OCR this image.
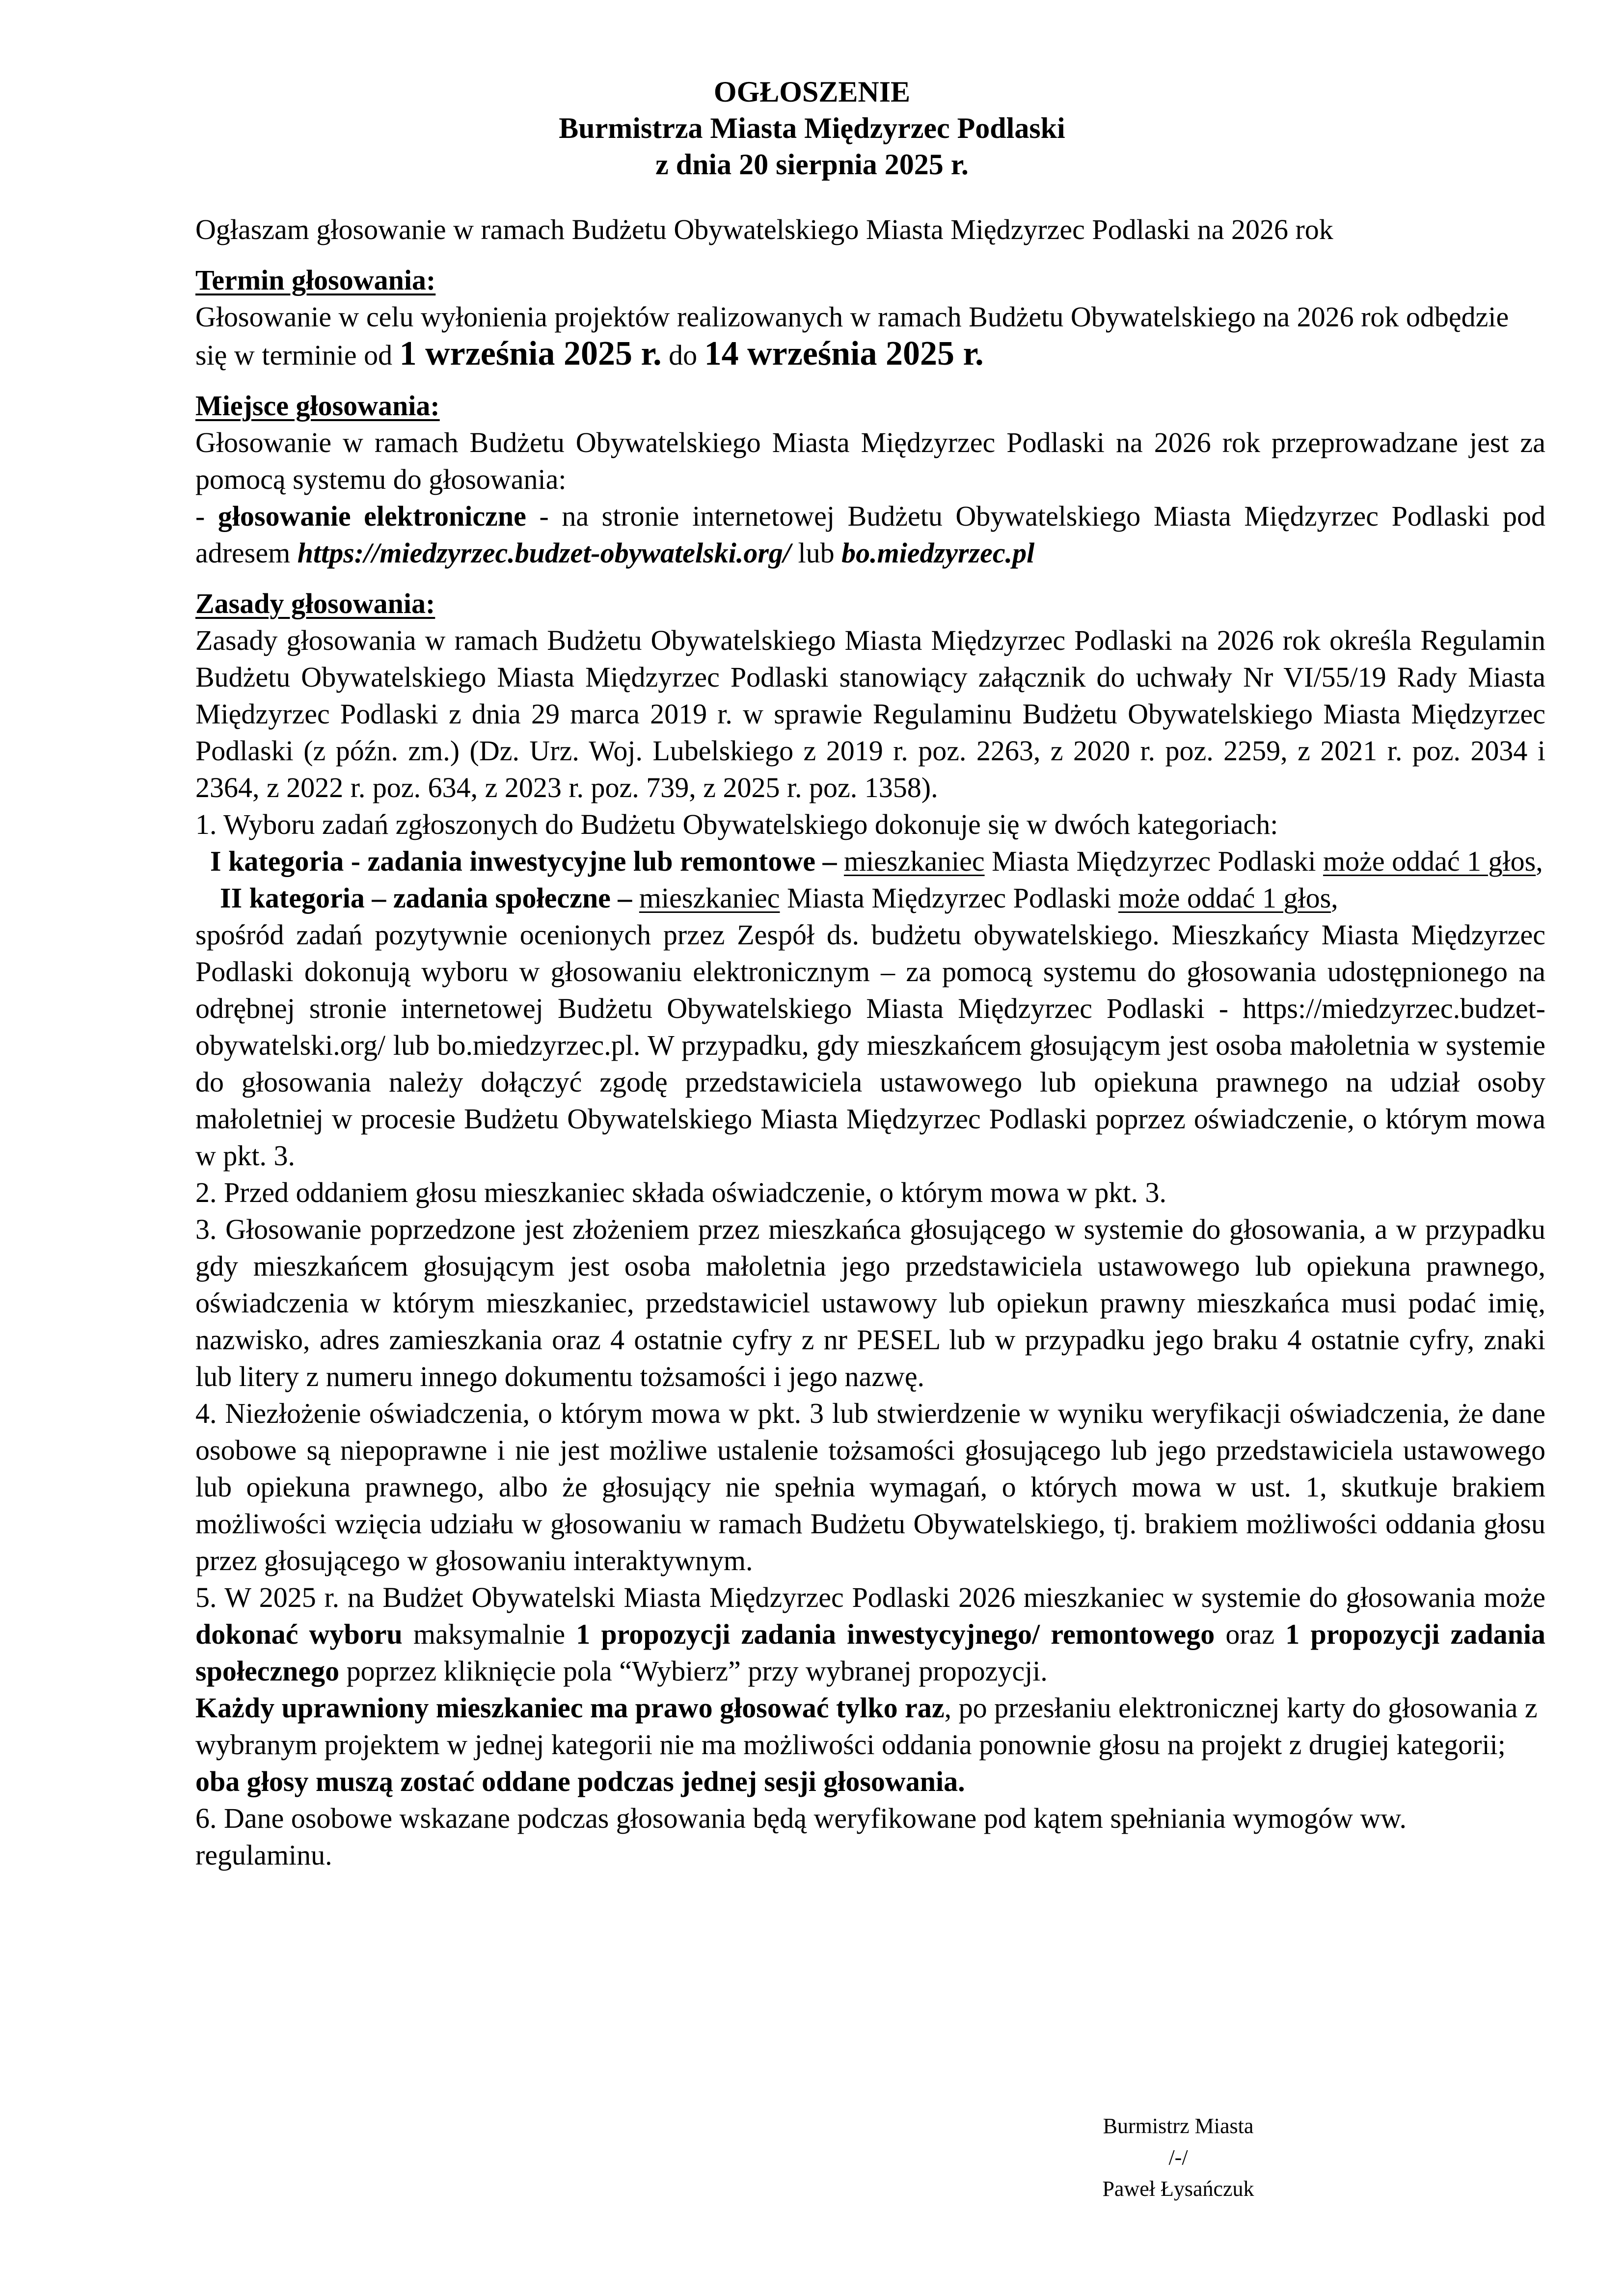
OGŁOSZENIE
Burmistrza Miasta Międzyrzec Podlaski
z dnia 20 sierpnia 2025 r.

Ogłaszam głosowanie w ramach Budżetu Obywatelskiego Miasta Międzyrzec Podlaski na 2026 rok

Termin głosowania:

Głosowanie w celu wyłonienia projektów realizowanych w ramach Budżetu Obywatelskiego na 2026 rok odbędzie się w terminie od 1 września 2025 r. do 14 września 2025 r.

Miejsce głosowania:

Głosowanie w ramach Budżetu Obywatelskiego Miasta Międzyrzec Podlaski na 2026 rok przeprowadzane jest za pomocą systemu do głosowania:

- głosowanie elektroniczne - na stronie internetowej Budżetu Obywatelskiego Miasta Międzyrzec Podlaski pod adresem https://miedzyrzec.budzet-obywatelski.org/ lub bo.miedzyrzec.pl

Zasady głosowania:

Zasady głosowania w ramach Budżetu Obywatelskiego Miasta Międzyrzec Podlaski na 2026 rok określa Regulamin Budżetu Obywatelskiego Miasta Międzyrzec Podlaski stanowiący załącznik do uchwały Nr VI/55/19 Rady Miasta Międzyrzec Podlaski z dnia 29 marca 2019 r. w sprawie Regulaminu Budżetu Obywatelskiego Miasta Międzyrzec Podlaski (z późn. zm.) (Dz. Urz. Woj. Lubelskiego z 2019 r. poz. 2263, z 2020 r. poz. 2259, z 2021 r. poz. 2034 i 2364, z 2022 r. poz. 634, z 2023 r. poz. 739, z 2025 r. poz. 1358).

1. Wyboru zadań zgłoszonych do Budżetu Obywatelskiego dokonuje się w dwóch kategoriach:

I kategoria - zadania inwestycyjne lub remontowe – mieszkaniec Miasta Międzyrzec Podlaski może oddać 1 głos,

II kategoria – zadania społeczne – mieszkaniec Miasta Międzyrzec Podlaski może oddać 1 głos,

spośród zadań pozytywnie ocenionych przez Zespół ds. budżetu obywatelskiego. Mieszkańcy Miasta Międzyrzec Podlaski dokonują wyboru w głosowaniu elektronicznym – za pomocą systemu do głosowania udostępnionego na odrębnej stronie internetowej Budżetu Obywatelskiego Miasta Międzyrzec Podlaski - https://miedzyrzec.budzet-obywatelski.org/ lub bo.miedzyrzec.pl. W przypadku, gdy mieszkańcem głosującym jest osoba małoletnia w systemie do głosowania należy dołączyć zgodę przedstawiciela ustawowego lub opiekuna prawnego na udział osoby małoletniej w procesie Budżetu Obywatelskiego Miasta Międzyrzec Podlaski poprzez oświadczenie, o którym mowa w pkt. 3.

2. Przed oddaniem głosu mieszkaniec składa oświadczenie, o którym mowa w pkt. 3.

3. Głosowanie poprzedzone jest złożeniem przez mieszkańca głosującego w systemie do głosowania, a w przypadku gdy mieszkańcem głosującym jest osoba małoletnia jego przedstawiciela ustawowego lub opiekuna prawnego, oświadczenia w którym mieszkaniec, przedstawiciel ustawowy lub opiekun prawny mieszkańca musi podać imię, nazwisko, adres zamieszkania oraz 4 ostatnie cyfry z nr PESEL lub w przypadku jego braku 4 ostatnie cyfry, znaki lub litery z numeru innego dokumentu tożsamości i jego nazwę.

4. Niezłożenie oświadczenia, o którym mowa w pkt. 3 lub stwierdzenie w wyniku weryfikacji oświadczenia, że dane osobowe są niepoprawne i nie jest możliwe ustalenie tożsamości głosującego lub jego przedstawiciela ustawowego lub opiekuna prawnego, albo że głosujący nie spełnia wymagań, o których mowa w ust. 1, skutkuje brakiem możliwości wzięcia udziału w głosowaniu w ramach Budżetu Obywatelskiego, tj. brakiem możliwości oddania głosu przez głosującego w głosowaniu interaktywnym.

5. W 2025 r. na Budżet Obywatelski Miasta Międzyrzec Podlaski 2026 mieszkaniec w systemie do głosowania może dokonać wyboru maksymalnie 1 propozycji zadania inwestycyjnego/ remontowego oraz 1 propozycji zadania społecznego poprzez kliknięcie pola “Wybierz” przy wybranej propozycji.

Każdy uprawniony mieszkaniec ma prawo głosować tylko raz, po przesłaniu elektronicznej karty do głosowania z wybranym projektem w jednej kategorii nie ma możliwości oddania ponownie głosu na projekt z drugiej kategorii; oba głosy muszą zostać oddane podczas jednej sesji głosowania.

6. Dane osobowe wskazane podczas głosowania będą weryfikowane pod kątem spełniania wymogów ww. regulaminu.

Burmistrz Miasta
/-/
Paweł Łysańczuk
